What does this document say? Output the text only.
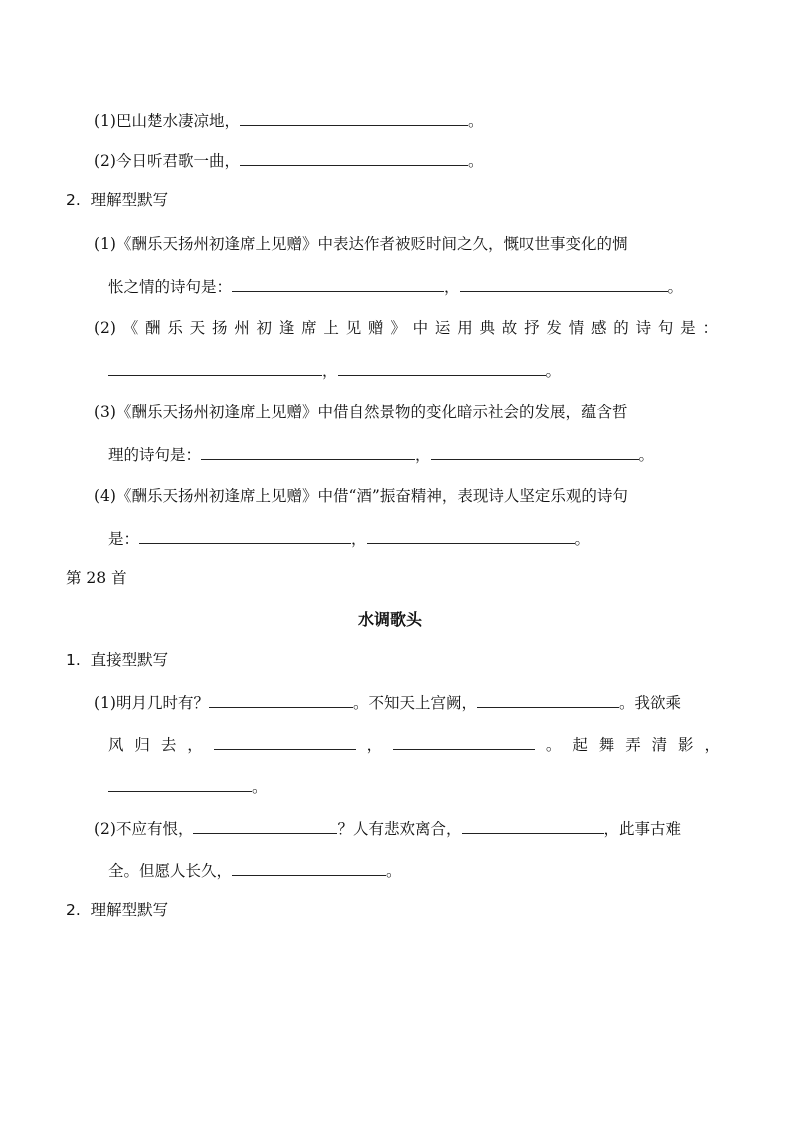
(1)巴山楚水凄凉地，	。
(2)今日听君歌一曲，	。
2. 理解型默写
(1)《酬乐天扬州初逢席上见赠》中表达作者被贬时间之久，慨叹世事变化的惆
怅之情的诗句是：	，	。
(2) 《 酬 乐 天 扬 州 初 逢 席 上 见 赠 》 中 运 用 典 故 抒 发 情 感 的 诗 句 是 ：
，	。
(3)《酬乐天扬州初逢席上见赠》中借自然景物的变化暗示社会的发展，蕴含哲
理的诗句是：	，	。
(4)《酬乐天扬州初逢席上见赠》中借“酒”振奋精神，表现诗人坚定乐观的诗句
是：	，	。
第 28 首
水调歌头
1. 直接型默写
(1)明月几时有？	。不知天上宫阙，	。我欲乘
风 归 去 ，	，	。 起 舞 弄 清 影 ，
。
(2)不应有恨，	？人有悲欢离合，	，此事古难
全。但愿人长久，	。
2. 理解型默写
